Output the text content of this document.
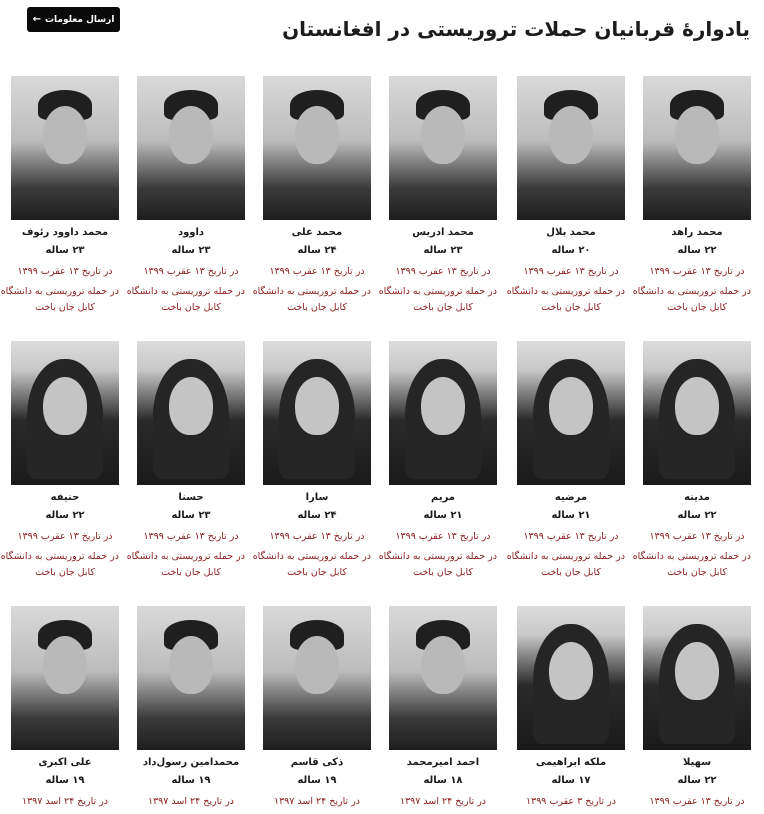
ارسال معلومات
←	یادوارهٔ قربانیان حملات تروریستی در افغانستان
محمد راهد
۲۲ ساله
در تاریخ ۱۳ عقرب ۱۳۹۹
در حمله تروریستی به دانشگاه
کابل جان باخت
محمد بلال
۲۰ ساله
در تاریخ ۱۳ عقرب ۱۳۹۹
در حمله تروریستی به دانشگاه
کابل جان باخت
محمد ادریس
۲۳ ساله
در تاریخ ۱۳ عقرب ۱۳۹۹
در حمله تروریستی به دانشگاه
کابل جان باخت
محمد علی
۲۴ ساله
در تاریخ ۱۳ عقرب ۱۳۹۹
در حمله تروریستی به دانشگاه
کابل جان باخت
داوود
۲۳ ساله
در تاریخ ۱۳ عقرب ۱۳۹۹
در حمله تروریستی به دانشگاه
کابل جان باخت
محمد داوود رئوف
۲۳ ساله
در تاریخ ۱۳ عقرب ۱۳۹۹
در حمله تروریستی به دانشگاه
کابل جان باخت
مدینه
۲۲ ساله
در تاریخ ۱۳ عقرب ۱۳۹۹
در حمله تروریستی به دانشگاه
کابل جان باخت
مرضیه
۲۱ ساله
در تاریخ ۱۳ عقرب ۱۳۹۹
در حمله تروریستی به دانشگاه
کابل جان باخت
مریم
۲۱ ساله
در تاریخ ۱۳ عقرب ۱۳۹۹
در حمله تروریستی به دانشگاه
کابل جان باخت
سارا
۲۴ ساله
در تاریخ ۱۳ عقرب ۱۳۹۹
در حمله تروریستی به دانشگاه
کابل جان باخت
حسنا
۲۳ ساله
در تاریخ ۱۳ عقرب ۱۳۹۹
در حمله تروریستی به دانشگاه
کابل جان باخت
حنیفه
۲۲ ساله
در تاریخ ۱۳ عقرب ۱۳۹۹
در حمله تروریستی به دانشگاه
کابل جان باخت
سهیلا
۲۲ ساله
در تاریخ ۱۳ عقرب ۱۳۹۹
ملکه ابراهیمی
۱۷ ساله
در تاریخ ۳ عقرب ۱۳۹۹
احمد امیرمحمد
۱۸ ساله
در تاریخ ۲۴ اسد ۱۳۹۷
ذکی قاسم
۱۹ ساله
در تاریخ ۲۴ اسد ۱۳۹۷
محمدامین رسول‌داد
۱۹ ساله
در تاریخ ۲۴ اسد ۱۳۹۷
علی اکبری
۱۹ ساله
در تاریخ ۲۴ اسد ۱۳۹۷
